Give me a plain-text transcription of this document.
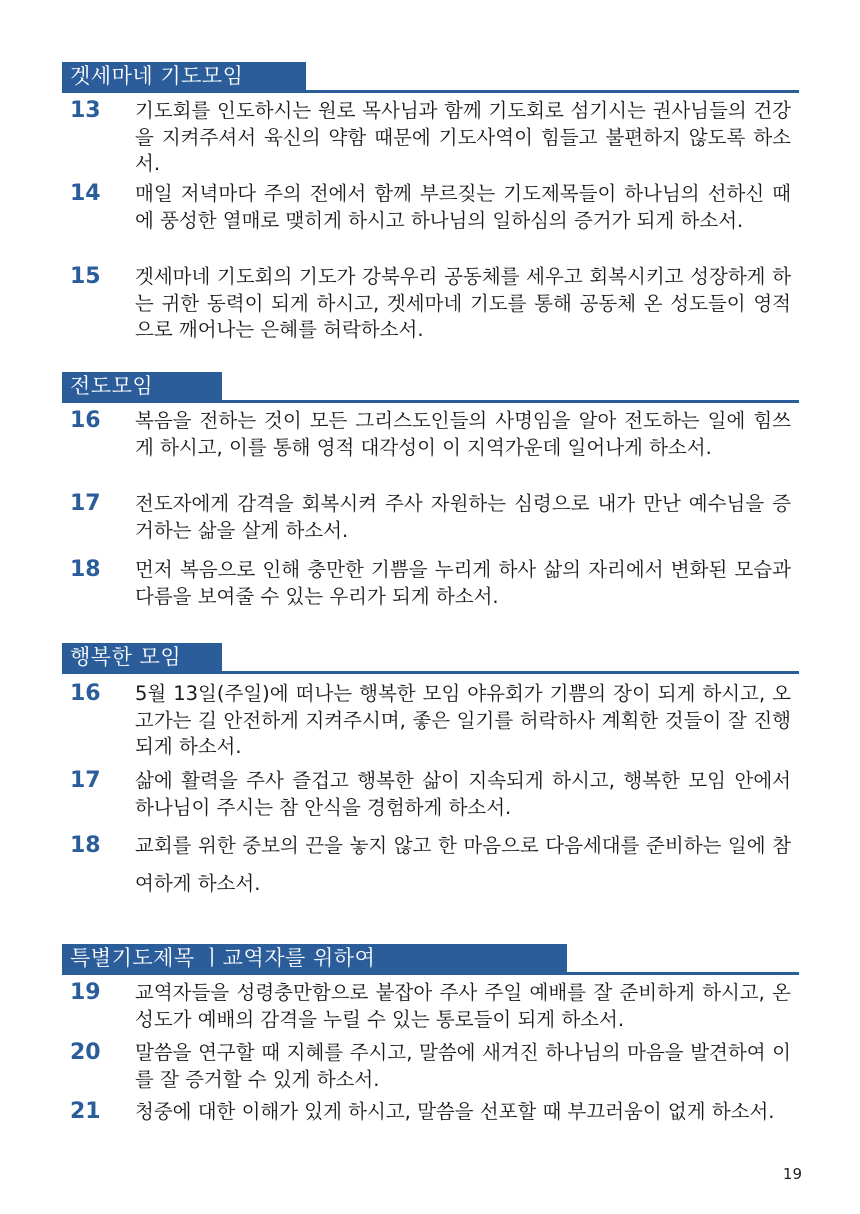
겟세마네 기도모임
13	기도회를 인도하시는 원로 목사님과 함께 기도회로 섬기시는 권사님들의 건강을 지켜주셔서 육신의 약함 때문에 기도사역이 힘들고 불편하지 않도록 하소서.
14	매일 저녁마다 주의 전에서 함께 부르짖는 기도제목들이 하나님의 선하신 때에 풍성한 열매로 맺히게 하시고 하나님의 일하심의 증거가 되게 하소서.
15	겟세마네 기도회의 기도가 강북우리 공동체를 세우고 회복시키고 성장하게 하는 귀한 동력이 되게 하시고, 겟세마네 기도를 통해 공동체 온 성도들이 영적으로 깨어나는 은혜를 허락하소서.
전도모임
16	복음을 전하는 것이 모든 그리스도인들의 사명임을 알아 전도하는 일에 힘쓰게 하시고, 이를 통해 영적 대각성이 이 지역가운데 일어나게 하소서.
17	전도자에게 감격을 회복시켜 주사 자원하는 심령으로 내가 만난 예수님을 증거하는 삶을 살게 하소서.
18	먼저 복음으로 인해 충만한 기쁨을 누리게 하사 삶의 자리에서 변화된 모습과 다름을 보여줄 수 있는 우리가 되게 하소서.
행복한 모임
16	5월 13일(주일)에 떠나는 행복한 모임 야유회가 기쁨의 장이 되게 하시고, 오고가는 길 안전하게 지켜주시며, 좋은 일기를 허락하사 계획한 것들이 잘 진행되게 하소서.
17	삶에 활력을 주사 즐겁고 행복한 삶이 지속되게 하시고, 행복한 모임 안에서 하나님이 주시는 참 안식을 경험하게 하소서.
18	교회를 위한 중보의 끈을 놓지 않고 한 마음으로 다음세대를 준비하는 일에 참여하게 하소서.
특별기도제목 ㅣ교역자를 위하여
19	교역자들을 성령충만함으로 붙잡아 주사 주일 예배를 잘 준비하게 하시고, 온 성도가 예배의 감격을 누릴 수 있는 통로들이 되게 하소서.
20	말씀을 연구할 때 지혜를 주시고, 말씀에 새겨진 하나님의 마음을 발견하여 이를 잘 증거할 수 있게 하소서.
21	청중에 대한 이해가 있게 하시고, 말씀을 선포할 때 부끄러움이 없게 하소서.
19
